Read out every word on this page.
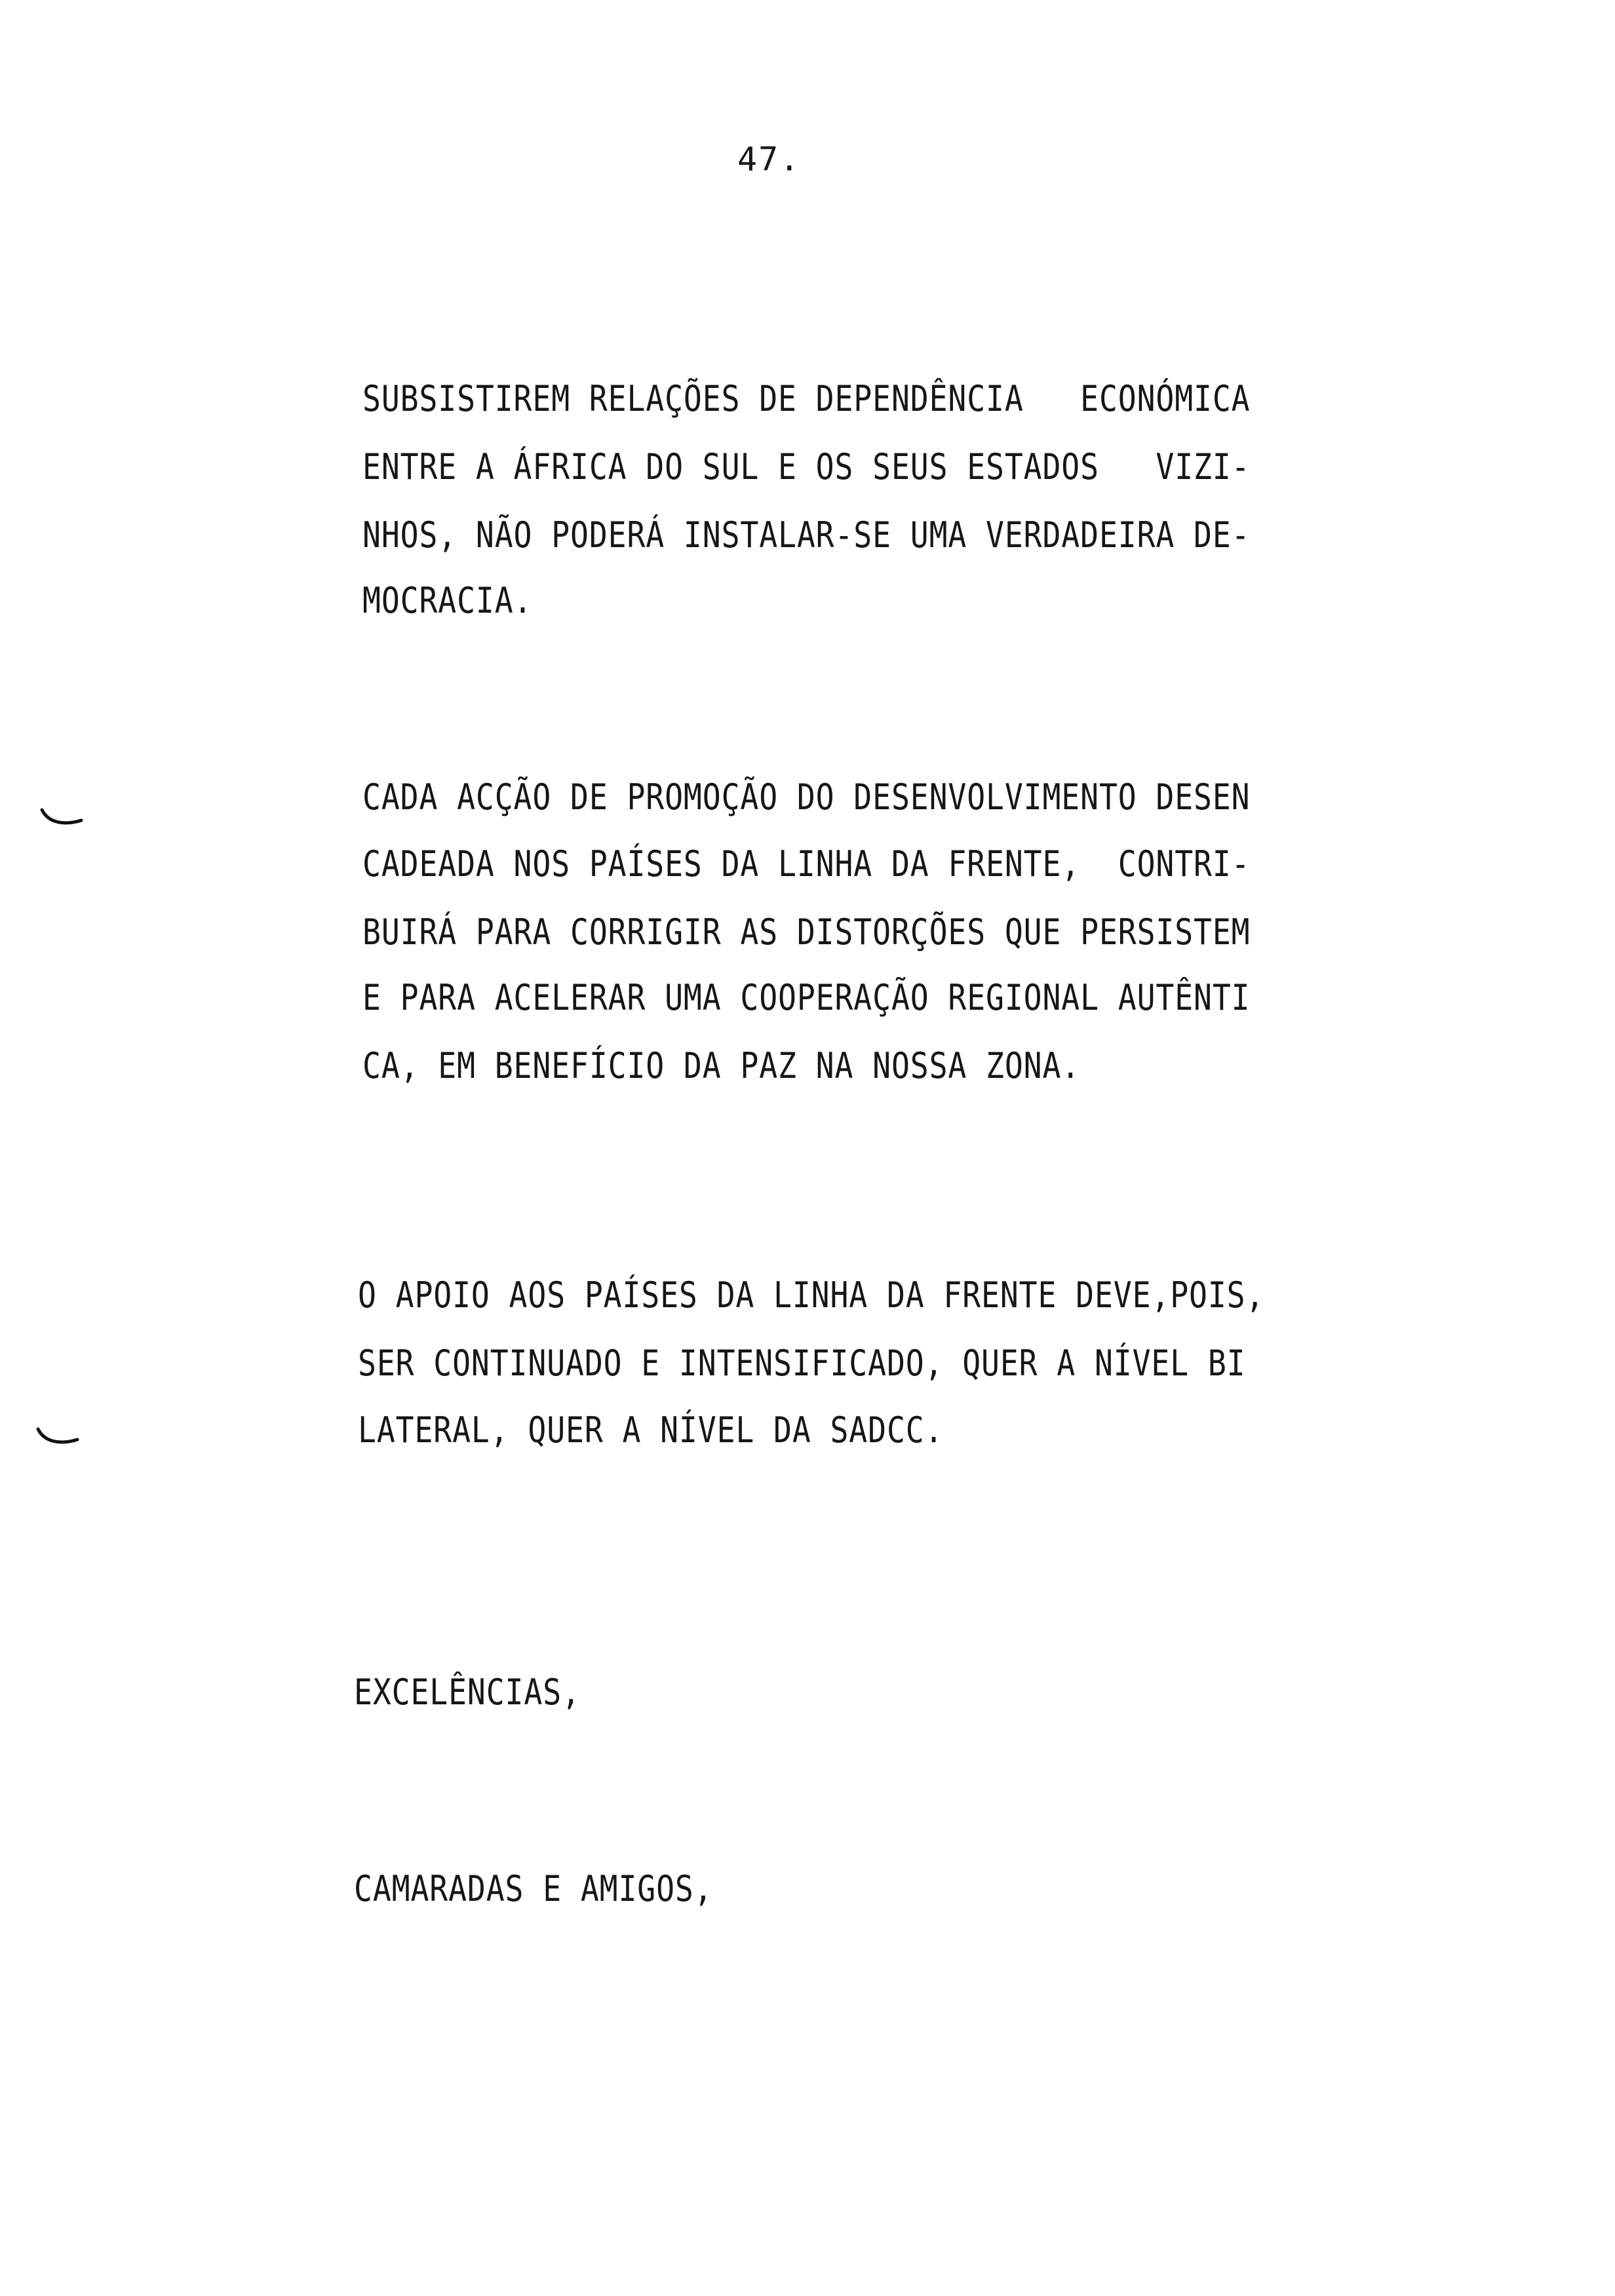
47.
SUBSISTIREM RELAÇÕES DE DEPENDÊNCIA   ECONÓMICA
ENTRE A ÁFRICA DO SUL E OS SEUS ESTADOS   VIZI-
NHOS, NÃO PODERÁ INSTALAR-SE UMA VERDADEIRA DE-
MOCRACIA.
CADA ACÇÃO DE PROMOÇÃO DO DESENVOLVIMENTO DESEN
CADEADA NOS PAÍSES DA LINHA DA FRENTE,  CONTRI-
BUIRÁ PARA CORRIGIR AS DISTORÇÕES QUE PERSISTEM
E PARA ACELERAR UMA COOPERAÇÃO REGIONAL AUTÊNTI
CA, EM BENEFÍCIO DA PAZ NA NOSSA ZONA.
O APOIO AOS PAÍSES DA LINHA DA FRENTE DEVE,POIS,
SER CONTINUADO E INTENSIFICADO, QUER A NÍVEL BI
LATERAL, QUER A NÍVEL DA SADCC.
EXCELÊNCIAS,
CAMARADAS E AMIGOS,
